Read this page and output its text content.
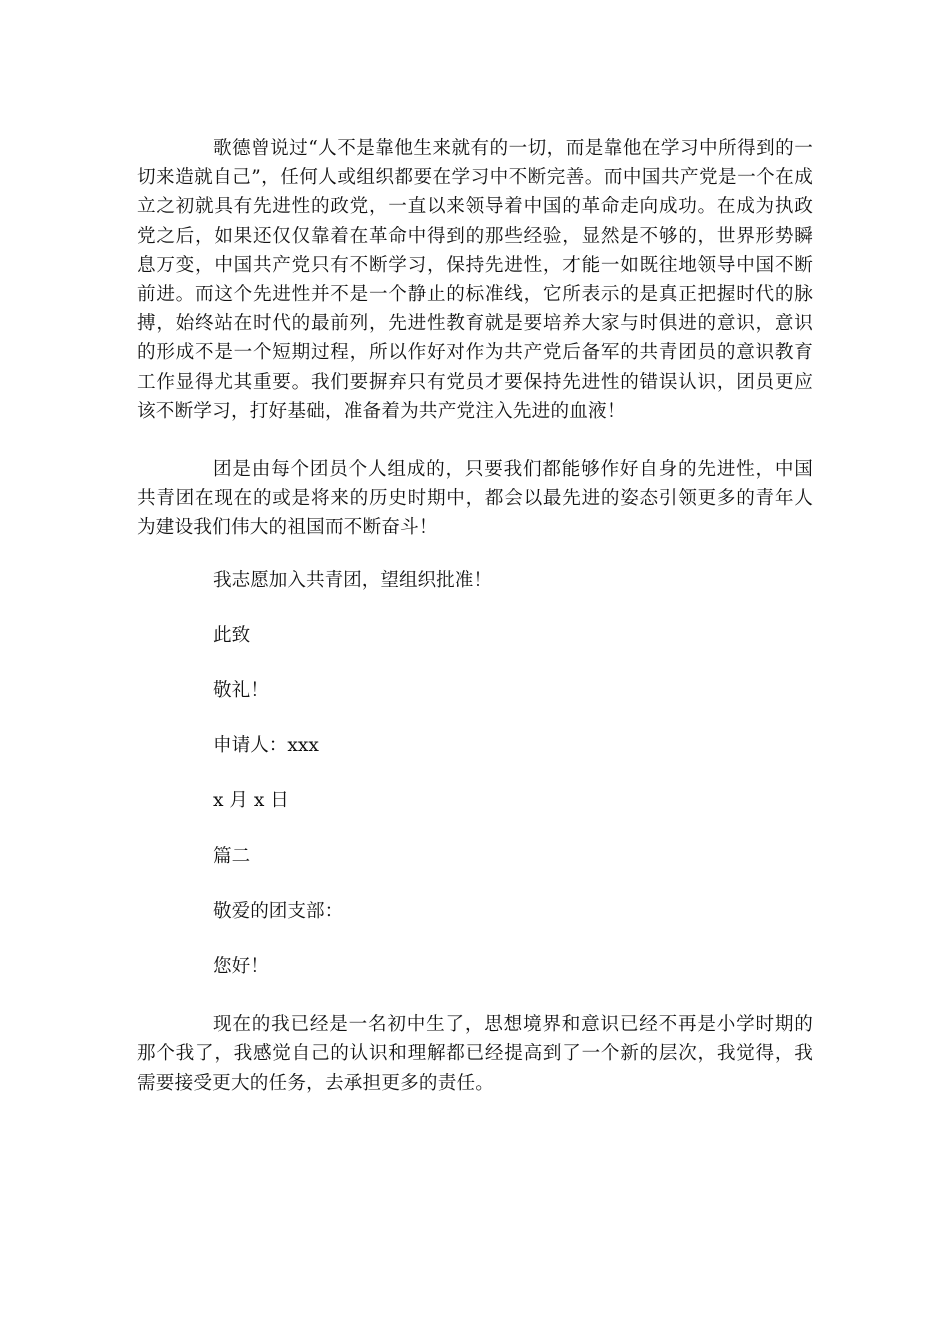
歌德曾说过“人不是靠他生来就有的一切，而是靠他在学习中所得到的一切来造就自己”，任何人或组织都要在学习中不断完善。而中国共产党是一个在成立之初就具有先进性的政党，一直以来领导着中国的革命走向成功。在成为执政党之后，如果还仅仅靠着在革命中得到的那些经验，显然是不够的，世界形势瞬息万变，中国共产党只有不断学习，保持先进性，才能一如既往地领导中国不断前进。而这个先进性并不是一个静止的标准线，它所表示的是真正把握时代的脉搏，始终站在时代的最前列，先进性教育就是要培养大家与时俱进的意识，意识的形成不是一个短期过程，所以作好对作为共产党后备军的共青团员的意识教育工作显得尤其重要。我们要摒弃只有党员才要保持先进性的错误认识，团员更应该不断学习，打好基础，准备着为共产党注入先进的血液！

团是由每个团员个人组成的，只要我们都能够作好自身的先进性，中国共青团在现在的或是将来的历史时期中，都会以最先进的姿态引领更多的青年人为建设我们伟大的祖国而不断奋斗！

我志愿加入共青团，望组织批准！
此致
敬礼！
申请人：xxx
x 月 x 日
篇二
敬爱的团支部：
您好！

现在的我已经是一名初中生了，思想境界和意识已经不再是小学时期的那个我了，我感觉自己的认识和理解都已经提高到了一个新的层次，我觉得，我需要接受更大的任务，去承担更多的责任。
